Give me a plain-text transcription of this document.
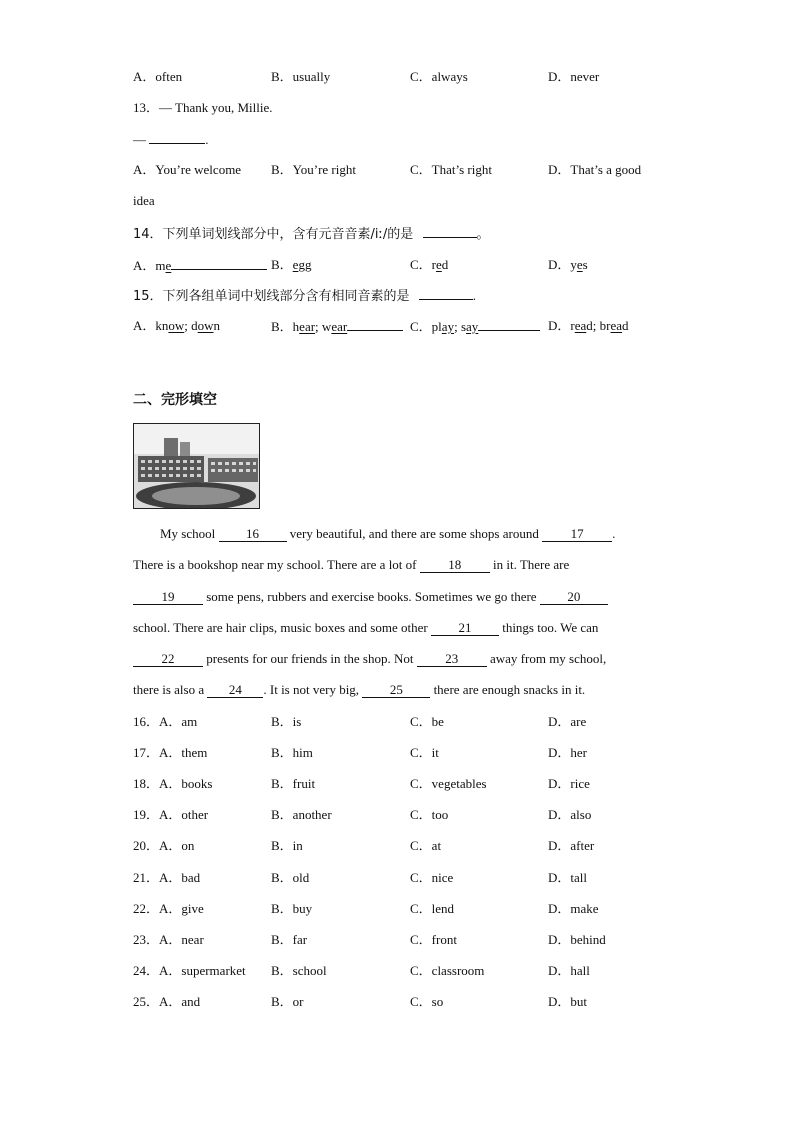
A．often	B．usually	C．always	D．never
13．— Thank you, Millie.
—	.
A．You’re welcome B．You’re right	C．That’s right	D．That’s a good
idea
14．下列单词划线部分中，含有元音音素/iː/的是	。
A．me	B．egg	C．red	D．yes
15．下列各组单词中划线部分含有相同音素的是	.
A．know; down	B．hear; wear	C．play; say	D．read; bread
二、完形填空
My school 16 very beautiful, and there are some shops around 17 .
There is a bookshop near my school. There are a lot of 18 in it. There are
19 some pens, rubbers and exercise books. Sometimes we go there 20
school. There are hair clips, music boxes and some other 21 things too. We can
22 presents for our friends in the shop. Not 23 away from my school,
there is also a 24 . It is not very big, 25 there are enough snacks in it.
16．A．am	B．is	C．be	D．are
17．A．them	B．him	C．it	D．her
18．A．books	B．fruit	C．vegetables	D．rice
19．A．other	B．another	C．too	D．also
20．A．on	B．in	C．at	D．after
21．A．bad	B．old	C．nice	D．tall
22．A．give	B．buy	C．lend	D．make
23．A．near	B．far	C．front	D．behind
24．A．supermarket B．school	C．classroom	D．hall
25．A．and	B．or	C．so	D．but
